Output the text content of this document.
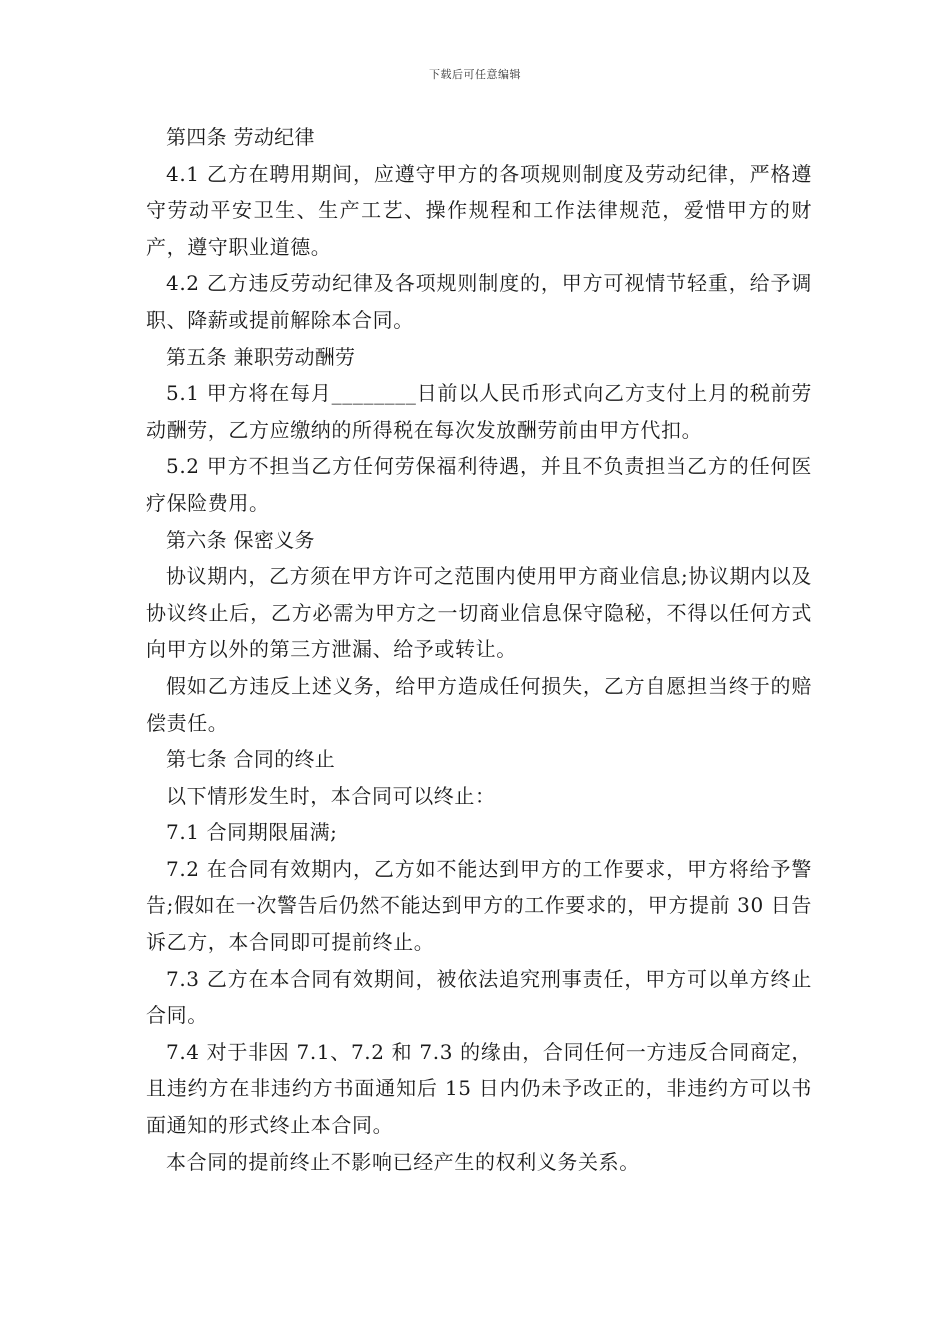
下载后可任意编辑

第四条 劳动纪律

4.1 乙方在聘用期间，应遵守甲方的各项规则制度及劳动纪律，严格遵守劳动平安卫生、生产工艺、操作规程和工作法律规范，爱惜甲方的财产，遵守职业道德。

4.2 乙方违反劳动纪律及各项规则制度的，甲方可视情节轻重，给予调职、降薪或提前解除本合同。

第五条 兼职劳动酬劳

5.1 甲方将在每月________日前以人民币形式向乙方支付上月的税前劳动酬劳，乙方应缴纳的所得税在每次发放酬劳前由甲方代扣。

5.2 甲方不担当乙方任何劳保福利待遇，并且不负责担当乙方的任何医疗保险费用。

第六条 保密义务

协议期内，乙方须在甲方许可之范围内使用甲方商业信息;协议期内以及协议终止后，乙方必需为甲方之一切商业信息保守隐秘，不得以任何方式向甲方以外的第三方泄漏、给予或转让。

假如乙方违反上述义务，给甲方造成任何损失，乙方自愿担当终于的赔偿责任。

第七条 合同的终止

以下情形发生时，本合同可以终止：

7.1 合同期限届满;

7.2 在合同有效期内，乙方如不能达到甲方的工作要求，甲方将给予警告;假如在一次警告后仍然不能达到甲方的工作要求的，甲方提前 30 日告诉乙方，本合同即可提前终止。

7.3 乙方在本合同有效期间，被依法追究刑事责任，甲方可以单方终止合同。

7.4 对于非因 7.1、7.2 和 7.3 的缘由，合同任何一方违反合同商定，且违约方在非违约方书面通知后 15 日内仍未予改正的，非违约方可以书面通知的形式终止本合同。

本合同的提前终止不影响已经产生的权利义务关系。
